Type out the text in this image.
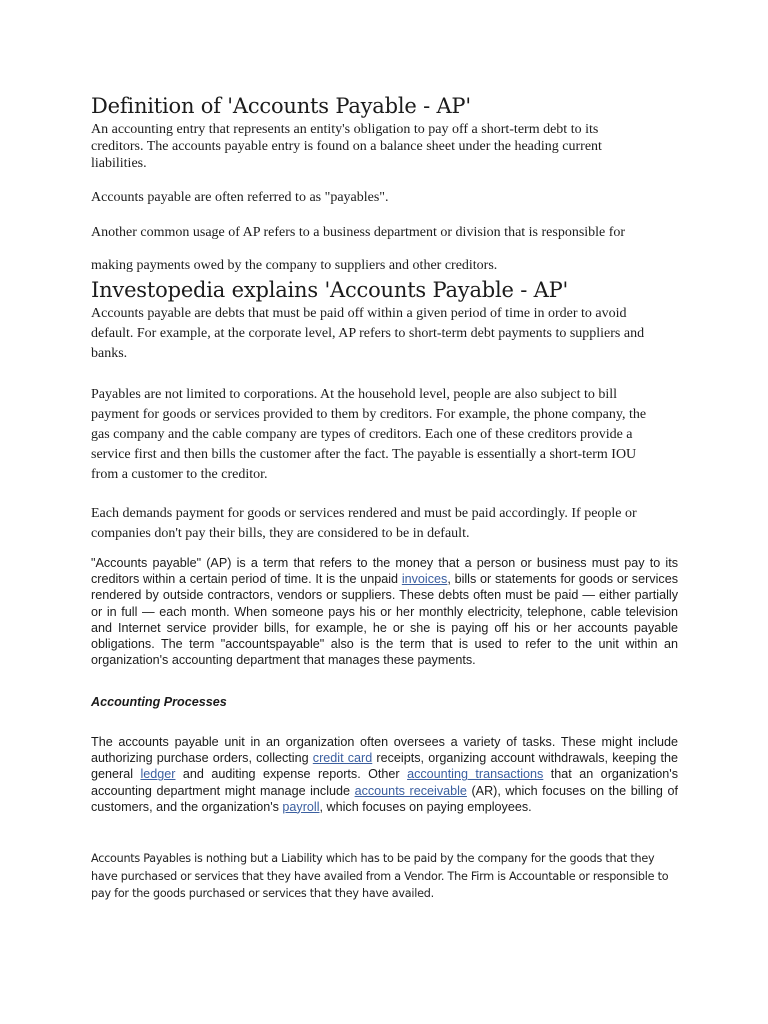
Definition of 'Accounts Payable - AP'

An accounting entry that represents an entity's obligation to pay off a short-term debt to its creditors. The accounts payable entry is found on a balance sheet under the heading current liabilities.

Accounts payable are often referred to as "payables".

Another common usage of AP refers to a business department or division that is responsible for

making payments owed by the company to suppliers and other creditors.

Investopedia explains 'Accounts Payable - AP'

Accounts payable are debts that must be paid off within a given period of time in order to avoid default. For example, at the corporate level, AP refers to short-term debt payments to suppliers and banks.

Payables are not limited to corporations. At the household level, people are also subject to bill payment for goods or services provided to them by creditors. For example, the phone company, the gas company and the cable company are types of creditors. Each one of these creditors provide a service first and then bills the customer after the fact. The payable is essentially a short-term IOU from a customer to the creditor.

Each demands payment for goods or services rendered and must be paid accordingly. If people or companies don't pay their bills, they are considered to be in default.

"Accounts payable" (AP) is a term that refers to the money that a person or business must pay to its creditors within a certain period of time. It is the unpaid invoices, bills or statements for goods or services rendered by outside contractors, vendors or suppliers. These debts often must be paid — either partially or in full — each month. When someone pays his or her monthly electricity, telephone, cable television and Internet service provider bills, for example, he or she is paying off his or her accounts payable obligations. The term "accountspayable" also is the term that is used to refer to the unit within an organization's accounting department that manages these payments.

Accounting Processes

The accounts payable unit in an organization often oversees a variety of tasks. These might include authorizing purchase orders, collecting credit card receipts, organizing account withdrawals, keeping the general ledger and auditing expense reports. Other accounting transactions that an organization's accounting department might manage include accounts receivable (AR), which focuses on the billing of customers, and the organization's payroll, which focuses on paying employees.

Accounts Payables is nothing but a Liability which has to be paid by the company for the goods that they have purchased or services that they have availed from a Vendor. The Firm is Accountable or responsible to pay for the goods purchased or services that they have availed.
